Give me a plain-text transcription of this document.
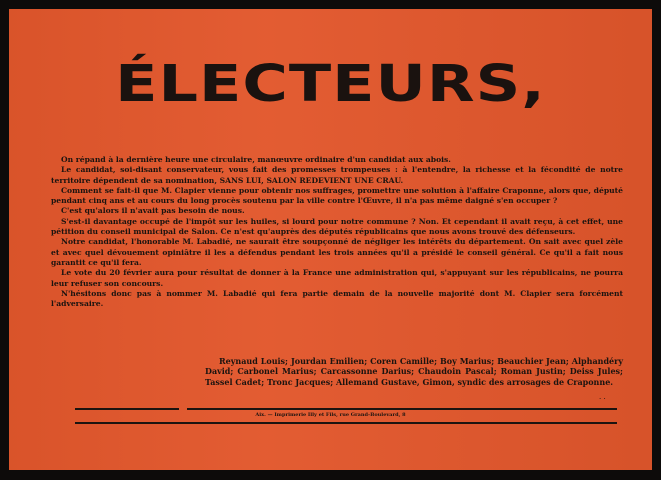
ÉLECTEURS,

On répand à la dernière heure une circulaire, manœuvre ordinaire d'un candidat aux abois.

Le candidat, soi-disant conservateur, vous fait des promesses trompeuses : à l'entendre, la richesse et la fécondité de notre territoire dépendent de sa nomination, SANS LUI, SALON REDEVIENT UNE CRAU.

Comment se fait-il que M. Clapier vienne pour obtenir nos suffrages, promettre une solution à l'affaire Craponne, alors que, député pendant cinq ans et au cours du long procès soutenu par la ville contre l'Œuvre, il n'a pas même daigné s'en occuper ?

C'est qu'alors il n'avait pas besoin de nous.

S'est-il davantage occupé de l'impôt sur les huiles, si lourd pour notre commune ? Non. Et cependant il avait reçu, à cet effet, une pétition du conseil municipal de Salon. Ce n'est qu'auprès des députés républicains que nous avons trouvé des défenseurs.

Notre candidat, l'honorable M. Labadié, ne saurait être soupçonné de négliger les intérêts du département. On sait avec quel zèle et avec quel dévouement opiniâtre il les a défendus pendant les trois années qu'il a présidé le conseil général. Ce qu'il a fait nous garantit ce qu'il fera.

Le vote du 20 février aura pour résultat de donner à la France une administration qui, s'appuyant sur les républicains, ne pourra leur refuser son concours.

N'hésitons donc pas à nommer M. Labadié qui fera partie demain de la nouvelle majorité dont M. Clapier sera forcément l'adversaire.

Reynaud Louis; Jourdan Emilien; Coren Camille; Boy Marius; Beauchier Jean; Alphandéry David; Carbonel Marius; Carcassonne Darius; Chaudoin Pascal; Roman Justin; Deiss Jules; Tassel Cadet; Tronc Jacques; Allemand Gustave, Gimon, syndic des arrosages de Craponne.
. .
Aix. — Imprimerie Illy et Fils, rue Grand-Boulevard, 8
